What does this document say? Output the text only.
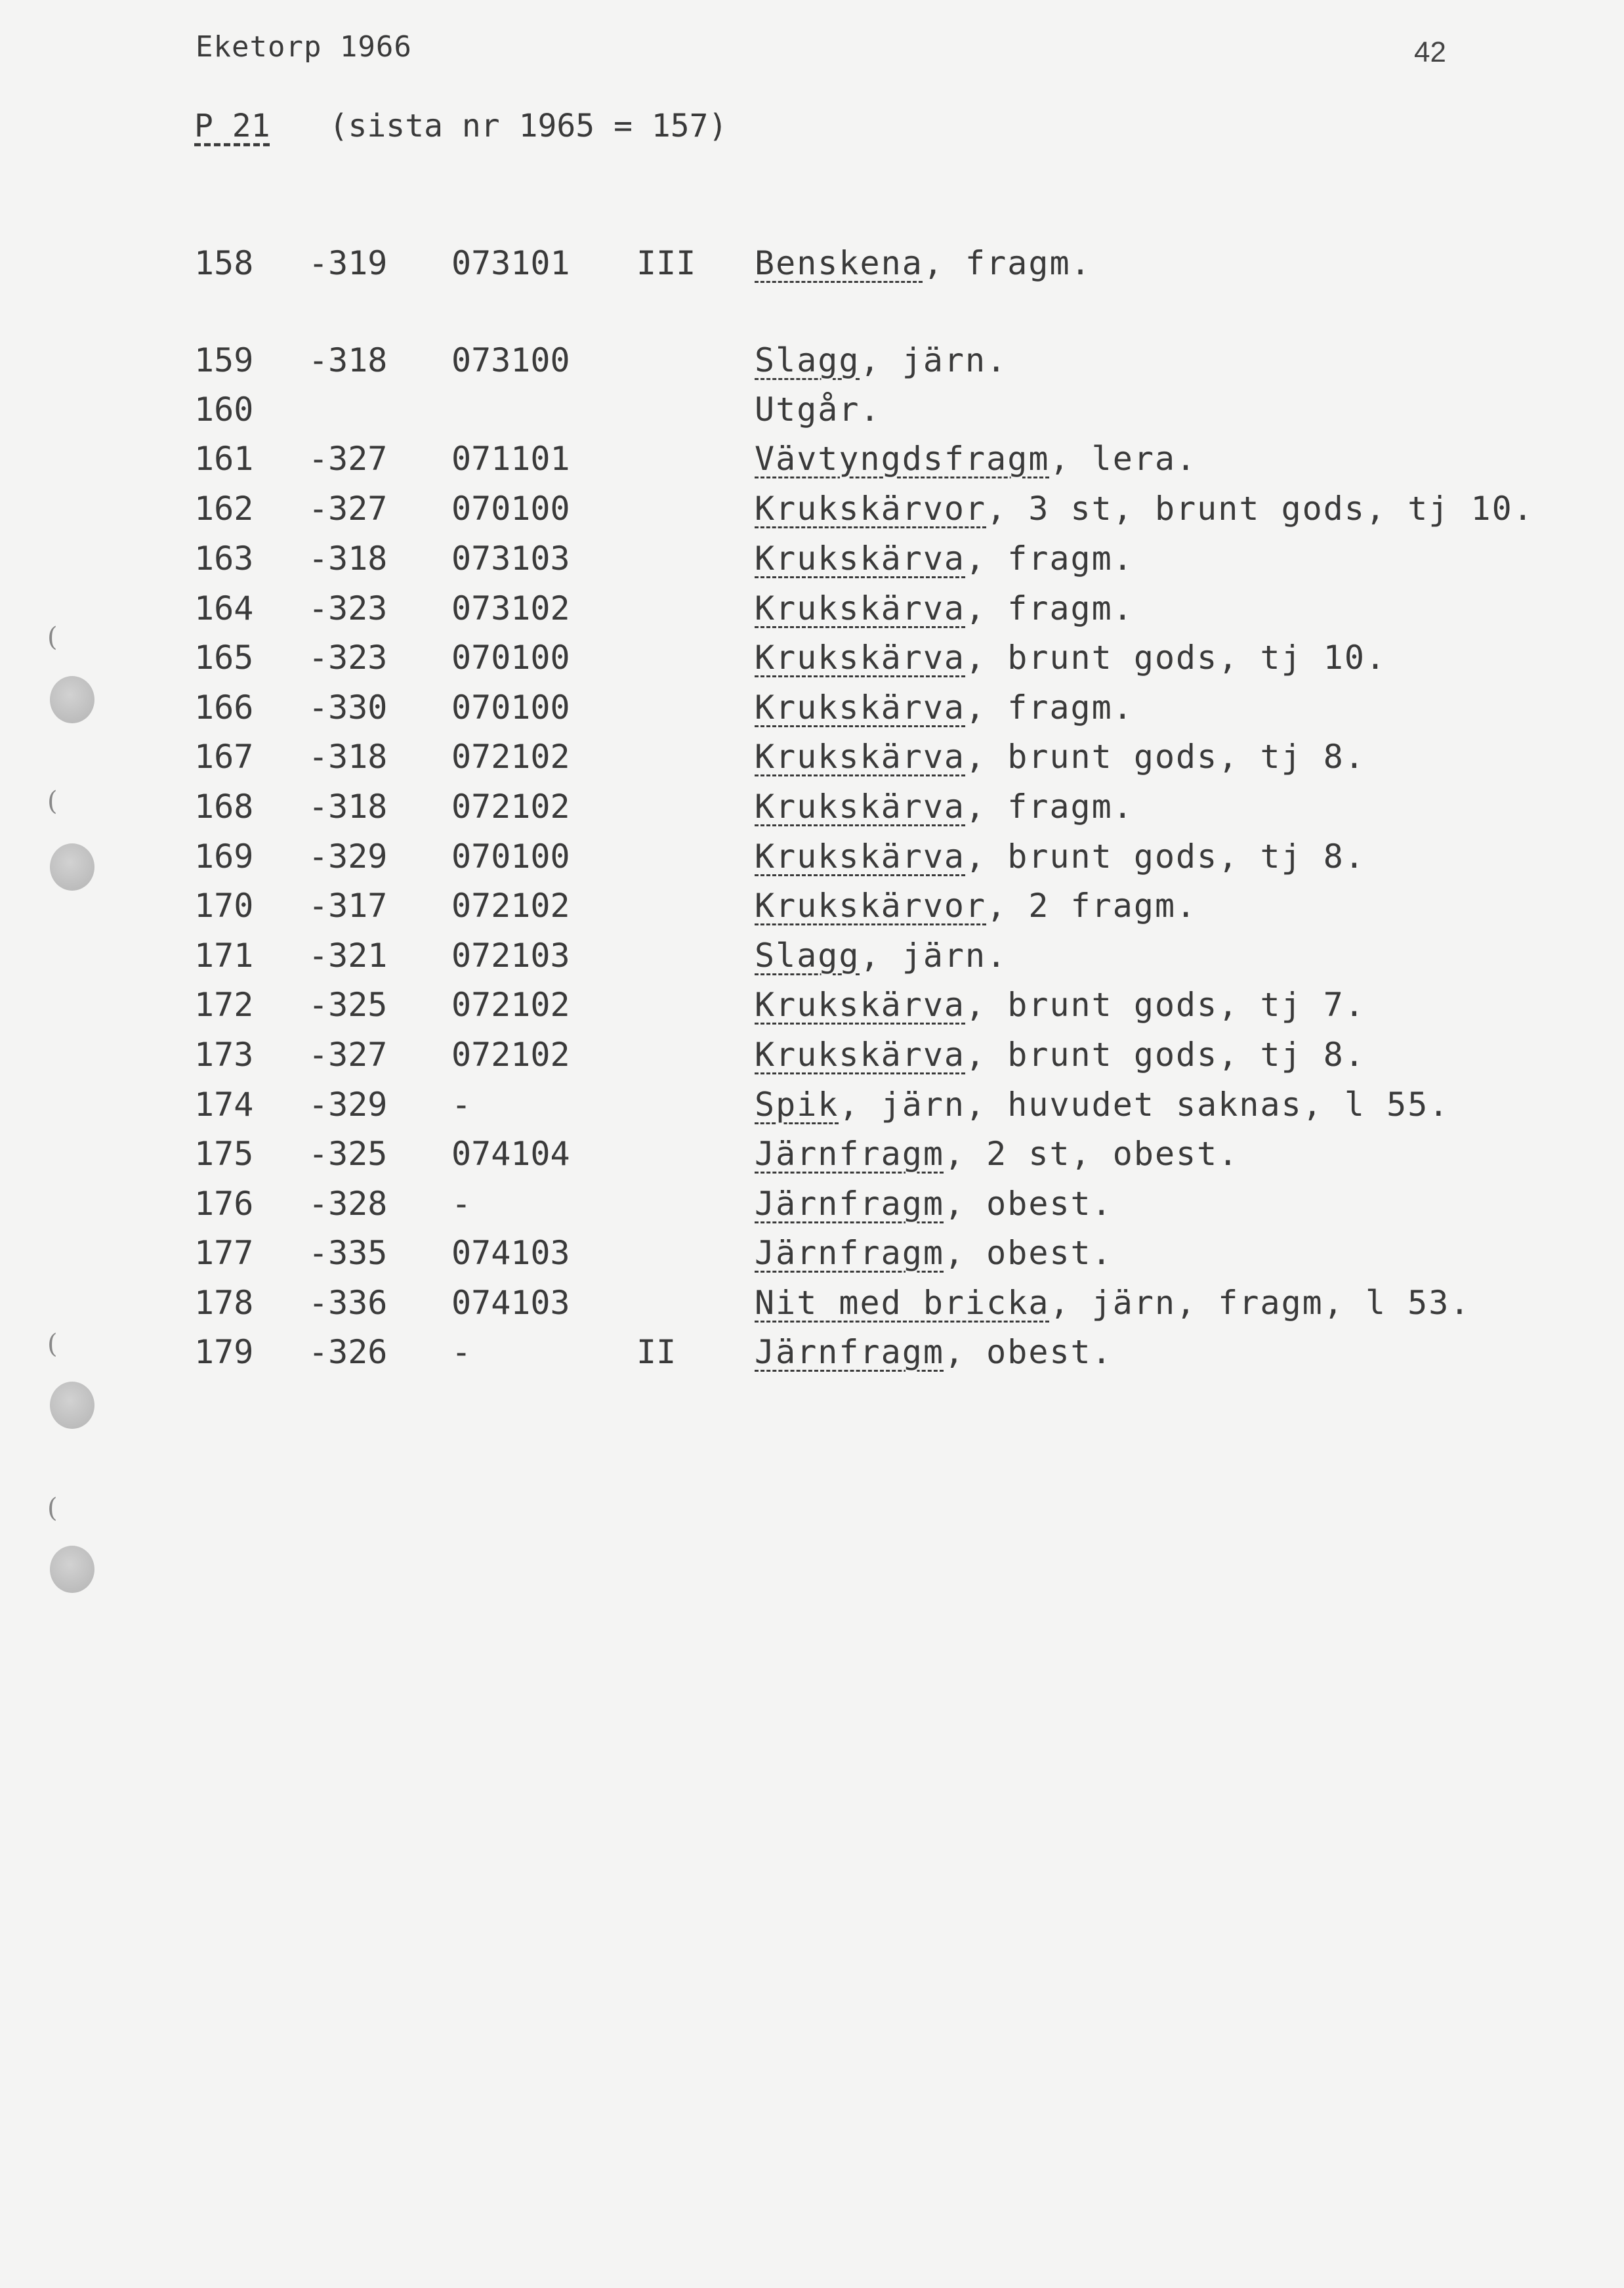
Eketorp 1966	42
P 21 (sista nr 1965 = 157)
158 -319 073101 III Benskena, fragm.
159 -318 073100	Slagg, järn.
160	Utgår.
161 -327 071101	Vävtyngdsfragm, lera.
162 -327 070100	Krukskärvor, 3 st, brunt gods, tj 10.
163 -318 073103	Krukskärva, fragm.
164 -323 073102	Krukskärva, fragm.
165 -323 070100	Krukskärva, brunt gods, tj 10.
166 -330 070100	Krukskärva, fragm.
167 -318 072102	Krukskärva, brunt gods, tj 8.
168 -318 072102	Krukskärva, fragm.
169 -329 070100	Krukskärva, brunt gods, tj 8.
170 -317 072102	Krukskärvor, 2 fragm.
171 -321 072103	Slagg, järn.
172 -325 072102	Krukskärva, brunt gods, tj 7.
173 -327 072102	Krukskärva, brunt gods, tj 8.
174 -329 -	Spik, järn, huvudet saknas, l 55.
175 -325 074104	Järnfragm, 2 st, obest.
176 -328 -	Järnfragm, obest.
177 -335 074103	Järnfragm, obest.
178 -336 074103	Nit med bricka, järn, fragm, l 53.
179 -326 -	II Järnfragm, obest.
(
(
(
(
